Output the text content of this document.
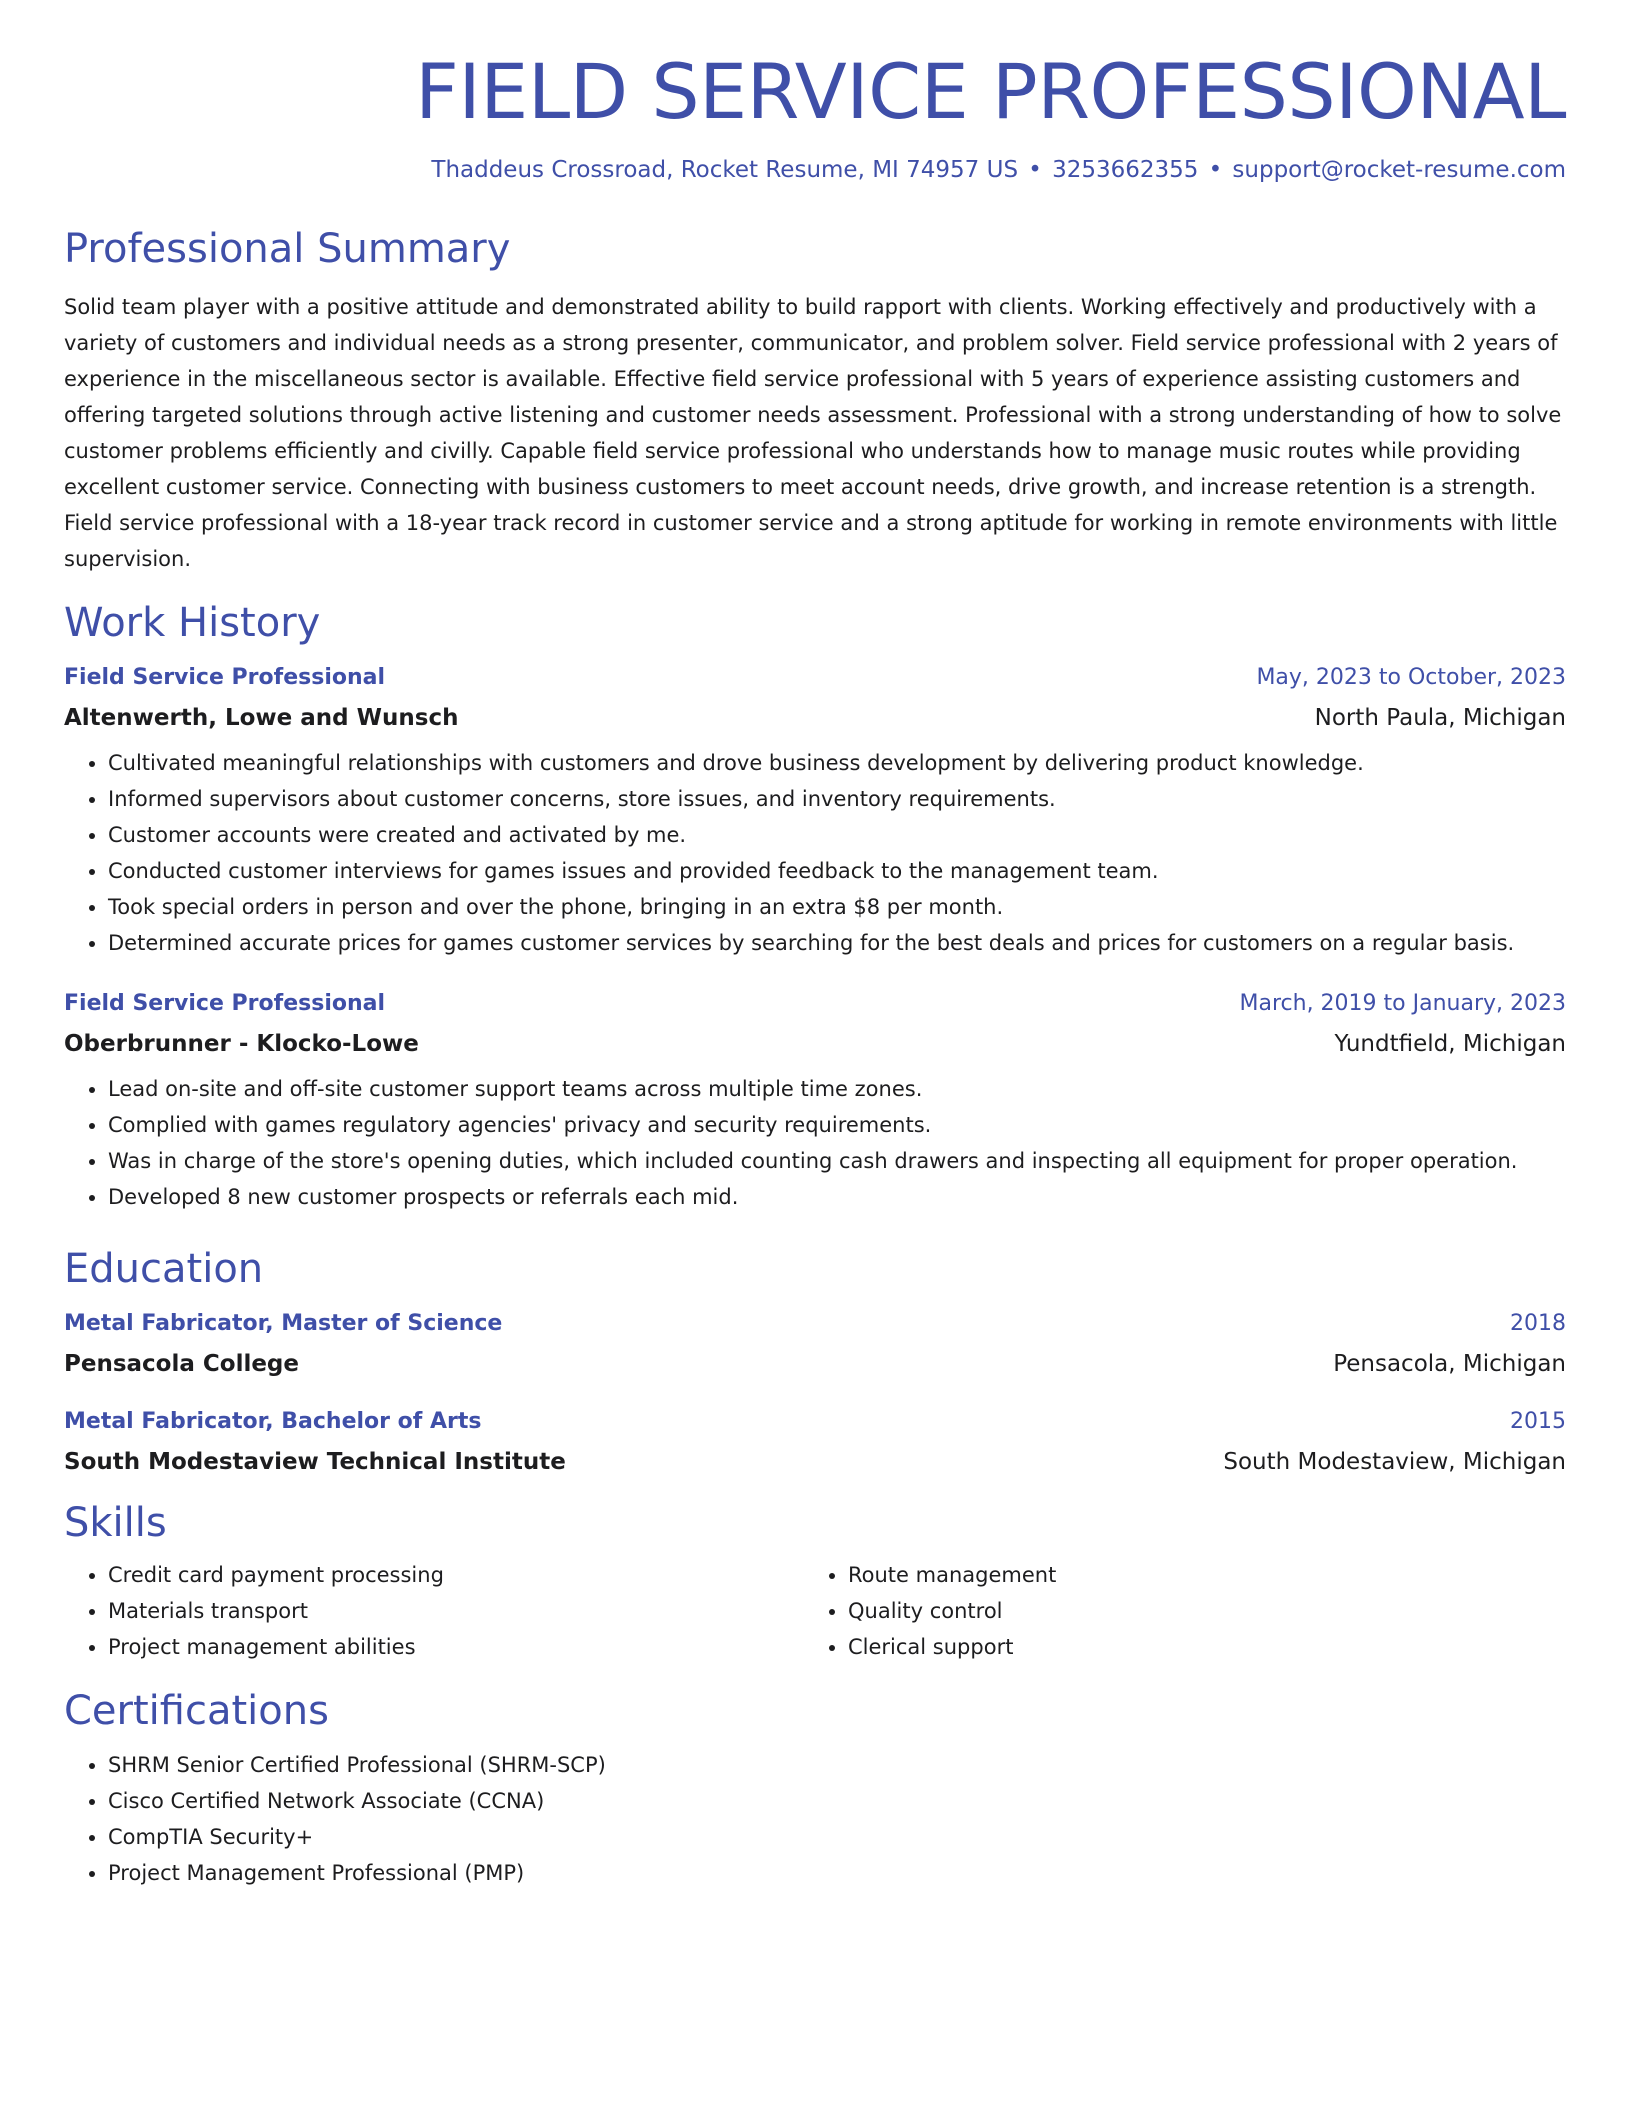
FIELD SERVICE PROFESSIONAL
Thaddeus Crossroad, Rocket Resume, MI 74957 US • 3253662355 • support@rocket-resume.com
Professional Summary
Solid team player with a positive attitude and demonstrated ability to build rapport with clients. Working effectively and productively with a variety of customers and individual needs as a strong presenter, communicator, and problem solver. Field service professional with 2 years of experience in the miscellaneous sector is available. Effective field service professional with 5 years of experience assisting customers and offering targeted solutions through active listening and customer needs assessment. Professional with a strong understanding of how to solve customer problems efficiently and civilly. Capable field service professional who understands how to manage music routes while providing excellent customer service. Connecting with business customers to meet account needs, drive growth, and increase retention is a strength. Field service professional with a 18-year track record in customer service and a strong aptitude for working in remote environments with little supervision.
Work History
Field Service Professional	May, 2023 to October, 2023
Altenwerth, Lowe and Wunsch	North Paula, Michigan
• Cultivated meaningful relationships with customers and drove business development by delivering product knowledge.
• Informed supervisors about customer concerns, store issues, and inventory requirements.
• Customer accounts were created and activated by me.
• Conducted customer interviews for games issues and provided feedback to the management team.
• Took special orders in person and over the phone, bringing in an extra $8 per month.
• Determined accurate prices for games customer services by searching for the best deals and prices for customers on a regular basis.
Field Service Professional	March, 2019 to January, 2023
Oberbrunner - Klocko-Lowe	Yundtfield, Michigan
• Lead on-site and off-site customer support teams across multiple time zones.
• Complied with games regulatory agencies' privacy and security requirements.
• Was in charge of the store's opening duties, which included counting cash drawers and inspecting all equipment for proper operation.
• Developed 8 new customer prospects or referrals each mid.
Education
Metal Fabricator, Master of Science	2018
Pensacola College	Pensacola, Michigan
Metal Fabricator, Bachelor of Arts	2015
South Modestaview Technical Institute	South Modestaview, Michigan
Skills
• Credit card payment processing
• Materials transport
• Project management abilities
• Route management
• Quality control
• Clerical support
Certifications
• SHRM Senior Certified Professional (SHRM-SCP)
• Cisco Certified Network Associate (CCNA)
• CompTIA Security+
• Project Management Professional (PMP)
